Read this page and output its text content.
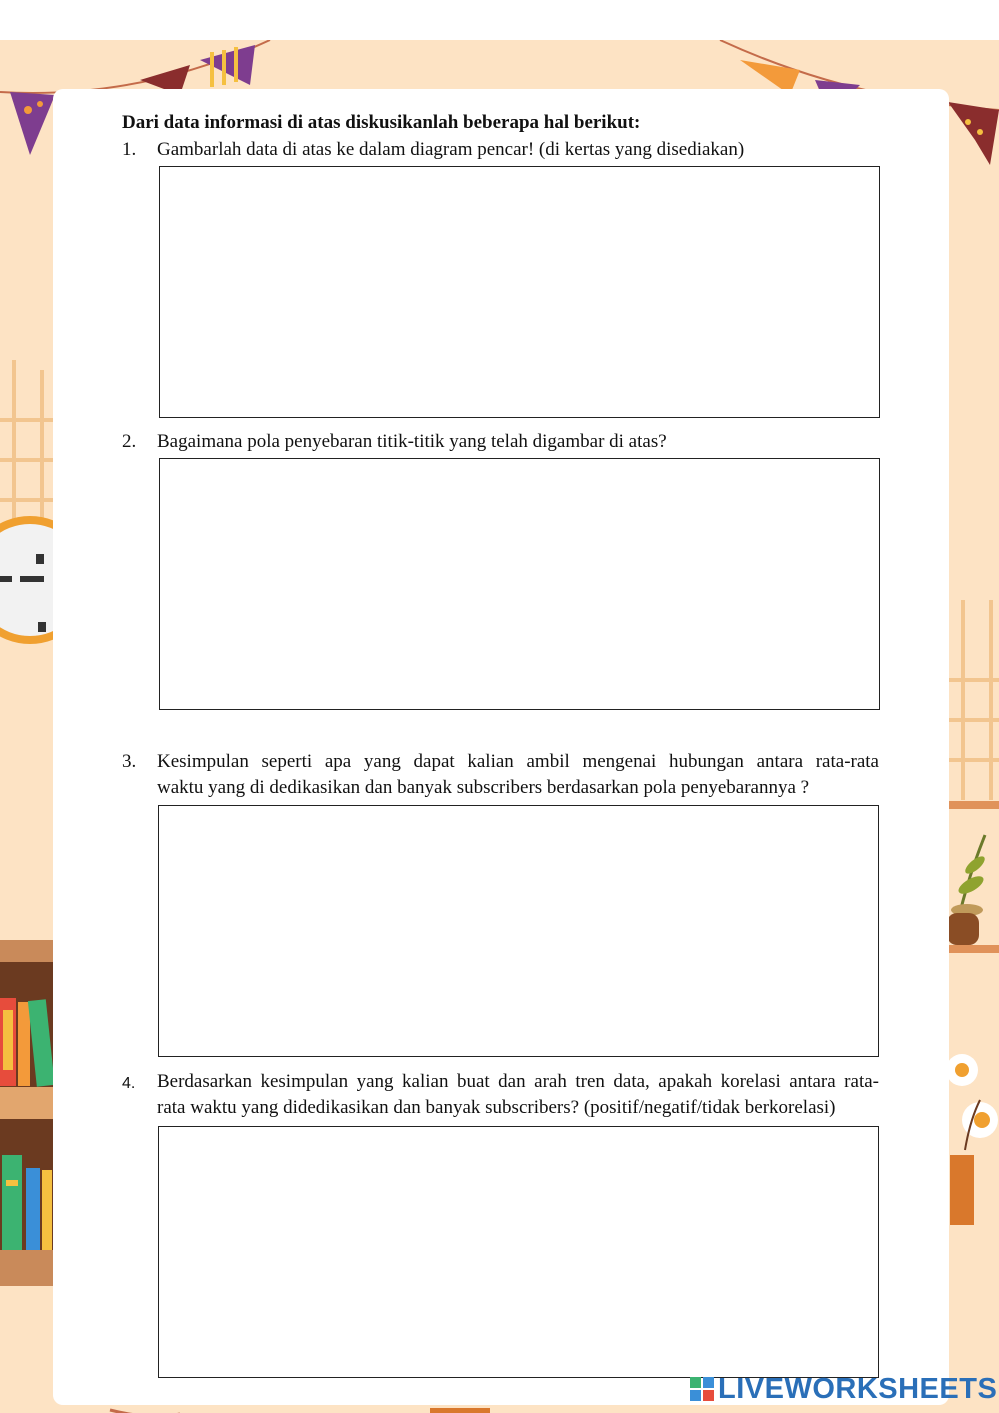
Dari data informasi di atas diskusikanlah beberapa hal berikut:
1. Gambarlah data di atas ke dalam diagram pencar! (di kertas yang disediakan)
2. Bagaimana pola penyebaran titik-titik yang telah digambar di atas?
3. Kesimpulan seperti apa yang dapat kalian ambil mengenai hubungan antara rata-rata
waktu yang di dedikasikan dan banyak subscribers berdasarkan pola penyebarannya ?
4. Berdasarkan kesimpulan yang kalian buat dan arah tren data, apakah korelasi antara rata-
rata waktu yang didedikasikan dan banyak subscribers? (positif/negatif/tidak berkorelasi)
LIVEWORKSHEETS
